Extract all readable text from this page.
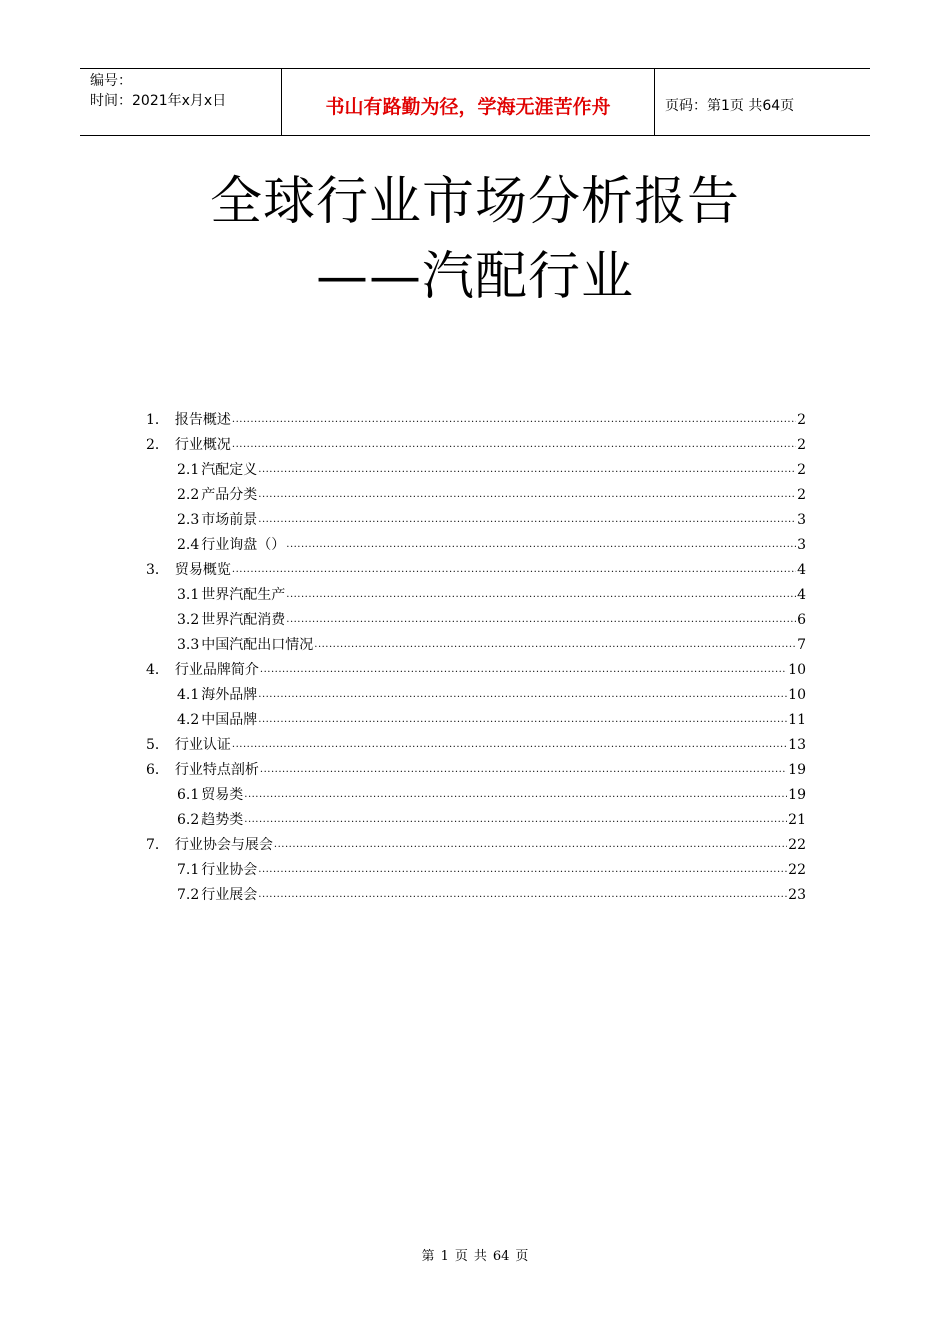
编号：
时间：2021年x月x日	书山有路勤为径，学海无涯苦作舟	页码：第1页 共64页
全球行业市场分析报告
——汽配行业
1． 报告概述 .....	2
2． 行业概况 .....	2
2.1 汽配定义 .....	2
2.2 产品分类 .....	2
2.3 市场前景 .....	3
2.4 行业询盘（） .....	3
3． 贸易概览 .....	4
3.1 世界汽配生产 .....	4
3.2 世界汽配消费 .....	6
3.3 中国汽配出口情况 .....	7
4． 行业品牌简介 .....	10
4.1 海外品牌 .....	10
4.2 中国品牌 .....	11
5． 行业认证 .....	13
6． 行业特点剖析 .....	19
6.1 贸易类 .....	19
6.2 趋势类 .....	21
7． 行业协会与展会 .....	22
7.1 行业协会 .....	22
7.2 行业展会 .....	23
第 1 页 共 64 页
